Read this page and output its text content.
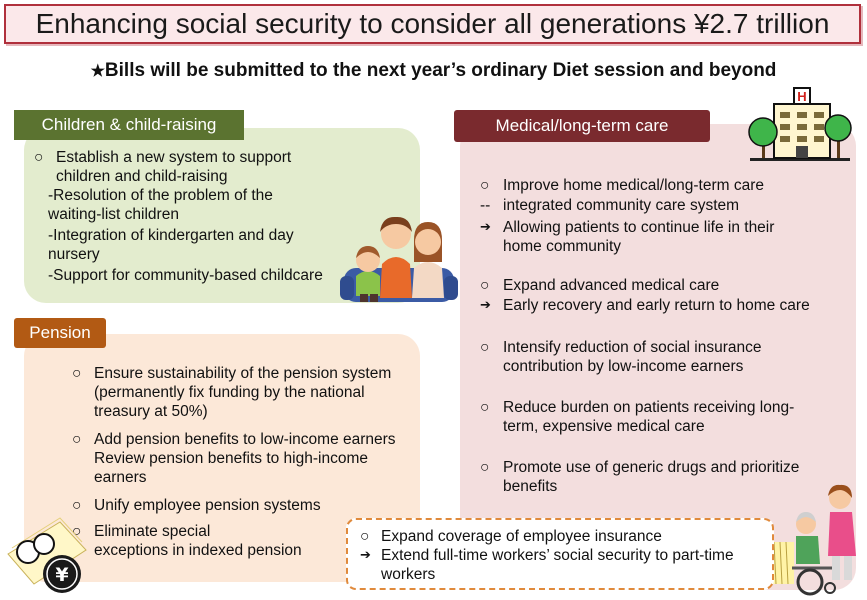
Enhancing social security to consider all generations ¥2.7 trillion
★Bills will be submitted to the next year’s ordinary Diet session and beyond
Children & child-raising
Pension
Medical/long-term care
○ Establish a new system to support
children and child-raising
-Resolution of the problem of the
waiting-list children
-Integration of kindergarten and day
nursery
-Support for community-based childcare
○ Ensure sustainability of the pension system
(permanently fix funding by the national
treasury at 50%)
○ Add pension benefits to low-income earners
Review pension benefits to high-income
earners
○ Unify employee pension systems
○ Eliminate special
exceptions in indexed pension
¥
H
○ Improve home medical/long-term care
-- integrated community care system
➔ Allowing patients to continue life in their
home community
○ Expand advanced medical care
➔ Early recovery and early return to home care
○ Intensify reduction of social insurance
contribution by low-income earners
○ Reduce burden on patients receiving long-
term, expensive medical care
○ Promote use of generic drugs and prioritize
benefits
○ Expand coverage of employee insurance
➔ Extend full-time workers’ social security to part-time
workers
